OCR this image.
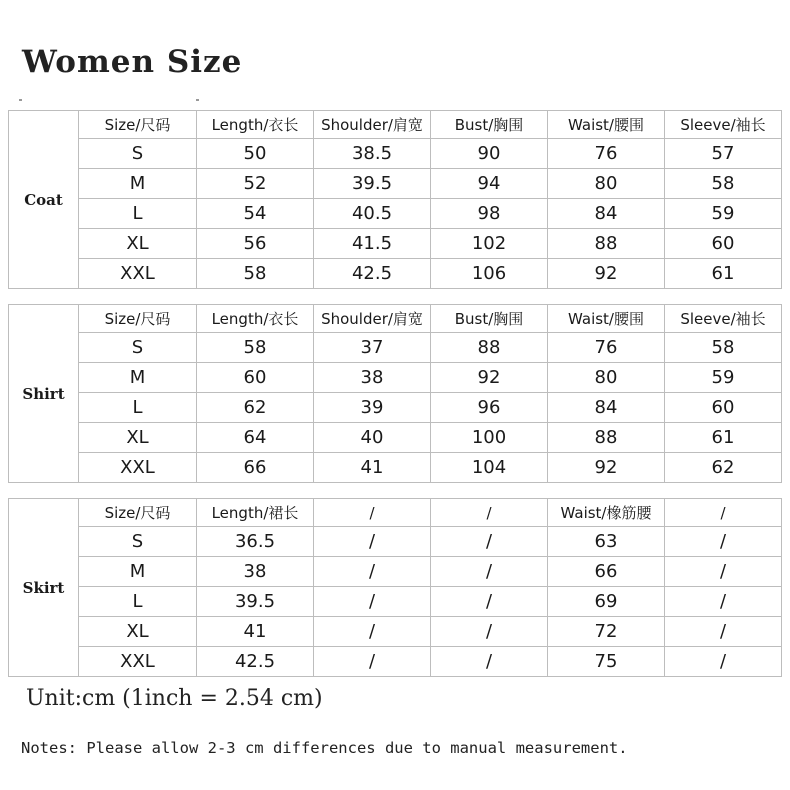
Women Size
Coat	Size/尺码	Length/衣长	Shoulder/肩宽	Bust/胸围	Waist/腰围	Sleeve/袖长
	S	50	38.5	90	76	57
	M	52	39.5	94	80	58
	L	54	40.5	98	84	59
	XL	56	41.5	102	88	60
	XXL	58	42.5	106	92	61
Shirt	Size/尺码	Length/衣长	Shoulder/肩宽	Bust/胸围	Waist/腰围	Sleeve/袖长
	S	58	37	88	76	58
	M	60	38	92	80	59
	L	62	39	96	84	60
	XL	64	40	100	88	61
	XXL	66	41	104	92	62
Skirt	Size/尺码	Length/裙长	/	/	Waist/橡筋腰	/
	S	36.5	/	/	63	/
	M	38	/	/	66	/
	L	39.5	/	/	69	/
	XL	41	/	/	72	/
	XXL	42.5	/	/	75	/
Unit:cm (1inch = 2.54 cm)
Notes: Please allow 2-3 cm differences due to manual measurement.
